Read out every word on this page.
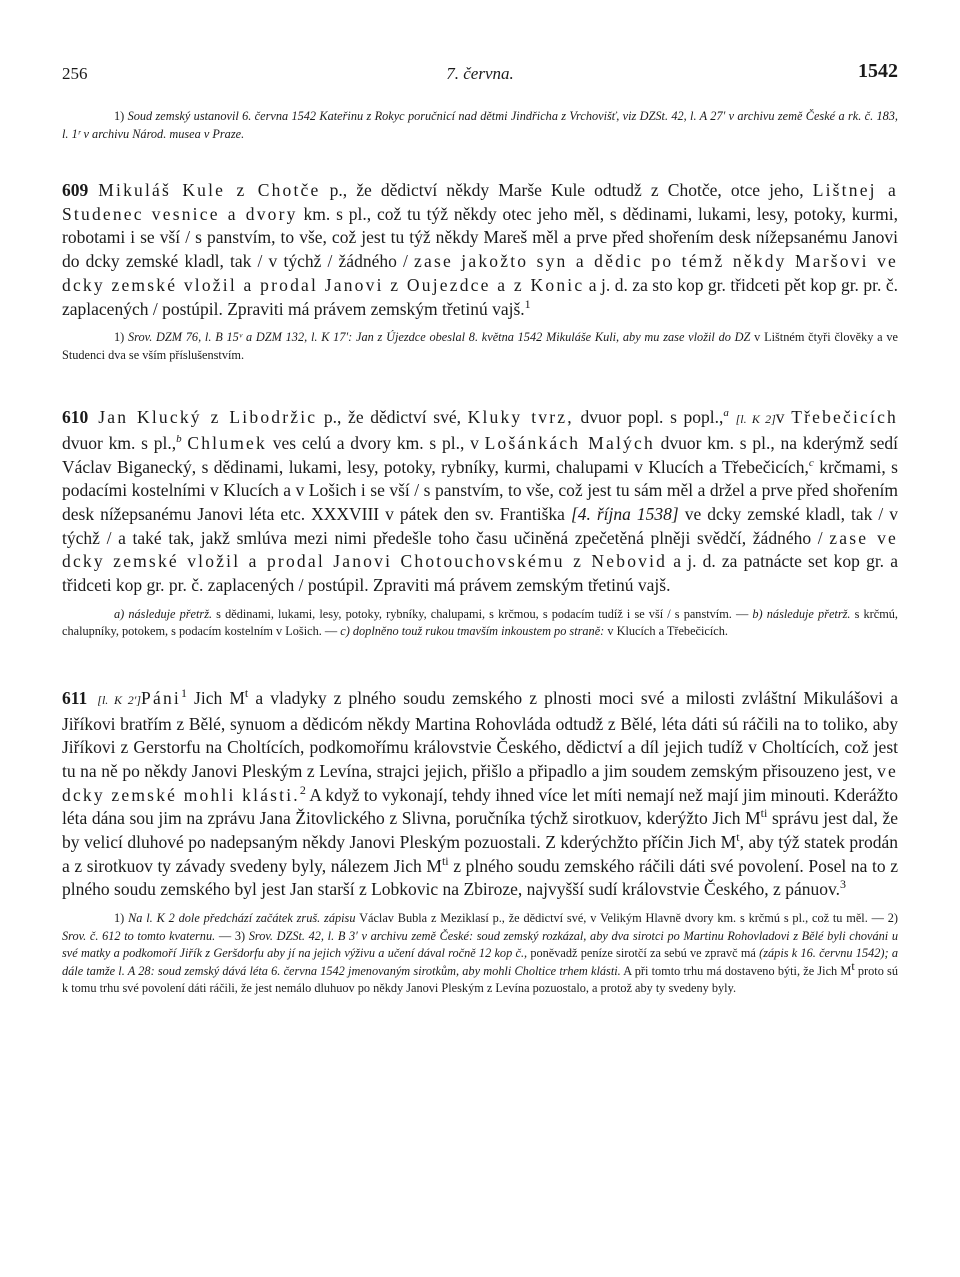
256	7. června.	1542

1) Soud zemský ustanovil 6. června 1542 Kateřinu z Rokyc poručnicí nad dětmi Jindřicha z Vrchovišť, viz DZSt. 42, l. A 27′ v archivu země České a rk. č. 183, l. 1ʳ v archivu Národ. musea v Praze.

609 Mikuláš Kule z Chotče p., že dědictví někdy Marše Kule odtudž z Chotče, otce jeho, Lištnej a Studenec vesnice a dvory km. s pl., což tu týž někdy otec jeho měl, s dědinami, lukami, lesy, potoky, kurmi, robotami i se vší / s panstvím, to vše, což jest tu týž někdy Mareš měl a prve před shořením desk nížepsanému Janovi do dcky zemské kladl, tak / v týchž / žádného / zase jakožto syn a dědic po témž někdy Maršovi ve dcky zemské vložil a prodal Janovi z Oujezdce a z Konic a j. d. za sto kop gr. třidceti pět kop gr. pr. č. zaplacených / postúpil. Zpraviti má právem zemským třetinú vajš.$^1$

1) Srov. DZM 76, l. B 15ᵛ a DZM 132, l. K 17′: Jan z Újezdce obeslal 8. května 1542 Mikuláše Kuli, aby mu zase vložil do DZ v Lištném čtyři člověky a ve Studenci dva se vším příslušenstvím.

610 Jan Klucký z Libodržic p., že dědictví své, Kluky tvrz, dvuor popl. s popl.,$^a$ [l. K 2]v Třebečicích dvuor km. s pl.,$^b$ Chlumek ves celú a dvory km. s pl., v Lošánkách Malých dvuor km. s pl., na kderýmž sedí Václav Biganecký, s dědinami, lukami, lesy, potoky, rybníky, kurmi, chalupami v Klucích a Třebečicích,$^c$ krčmami, s podacími kostelními v Klucích a v Lošich i se vší / s panstvím, to vše, což jest tu sám měl a držel a prve před shořením desk nížepsanému Janovi léta etc. XXXVIII v pátek den sv. Františka [4. října 1538] ve dcky zemské kladl, tak / v týchž / a také tak, jakž smlúva mezi nimi předešle toho času učiněná zpečetěná plněji svědčí, žádného / zase ve dcky zemské vložil a prodal Janovi Chotouchovskému z Nebovid a j. d. za patnácte set kop gr. a třidceti kop gr. pr. č. zaplacených / postúpil. Zpraviti má právem zemským třetinú vajš.

a) následuje přetrž. s dědinami, lukami, lesy, potoky, rybníky, chalupami, s krčmou, s podacím tudíž i se vší / s panstvím. — b) následuje přetrž. s krčmú, chalupníky, potokem, s podacím kostelním v Lošich. — c) doplněno touž rukou tmavším inkoustem po straně: v Klucích a Třebečicích.

611 [l. K 2′]Páni$^1$ Jich M$^t$ a vladyky z plného soudu zemského z plnosti moci své a milosti zvláštní Mikulášovi a Jiříkovi bratřím z Bělé, synuom a dědicóm někdy Martina Rohovláda odtudž z Bělé, léta dáti sú ráčili na to toliko, aby Jiříkovi z Gerstorfu na Choltících, podkomořímu královstvie Českého, dědictví a díl jejich tudíž v Choltících, což jest tu na ně po někdy Janovi Pleským z Levína, strajci jejich, přišlo a připadlo a jim soudem zemským přisouzeno jest, ve dcky zemské mohli klásti.$^2$ A když to vykonají, tehdy ihned více let míti nemají než mají jim minouti. Kderážto léta dána sou jim na zprávu Jana Žitovlického z Slivna, poručníka týchž sirotkuov, kderýžto Jich M$^{ti}$ správu jest dal, že by velicí dluhové po nadepsaným někdy Janovi Pleským pozuostali. Z kderýchžto příčin Jich M$^t$, aby týž statek prodán a z sirotkuov ty závady svedeny byly, nálezem Jich M$^{ti}$ z plného soudu zemského ráčili dáti své povolení. Posel na to z plného soudu zemského byl jest Jan starší z Lobkovic na Zbiroze, najvyšší sudí královstvie Českého, z pánuov.$^3$

1) Na l. K 2 dole předchází začátek zruš. zápisu Václav Bubla z Meziklasí p., že dědictví své, v Velikým Hlavně dvory km. s krčmú s pl., což tu měl. — 2) Srov. č. 612 to tomto kvaternu. — 3) Srov. DZSt. 42, l. B 3′ v archivu země České: soud zemský rozkázal, aby dva sirotci po Martinu Rohovladovi z Bělé byli chováni u své matky a podkomoří Jiřík z Geršdorfu aby jí na jejich výživu a učení dával ročně 12 kop č., poněvadž peníze sirotčí za sebú ve zpravč má (zápis k 16. červnu 1542); a dále tamže l. A 28: soud zemský dává léta 6. června 1542 jmenovaným sirotkům, aby mohli Choltice trhem klásti. A při tomto trhu má dostaveno býti, že Jich Mt proto sú k tomu trhu své povolení dáti ráčili, že jest nemálo dluhuov po někdy Janovi Pleským z Levína pozuostalo, a protož aby ty svedeny byly.
